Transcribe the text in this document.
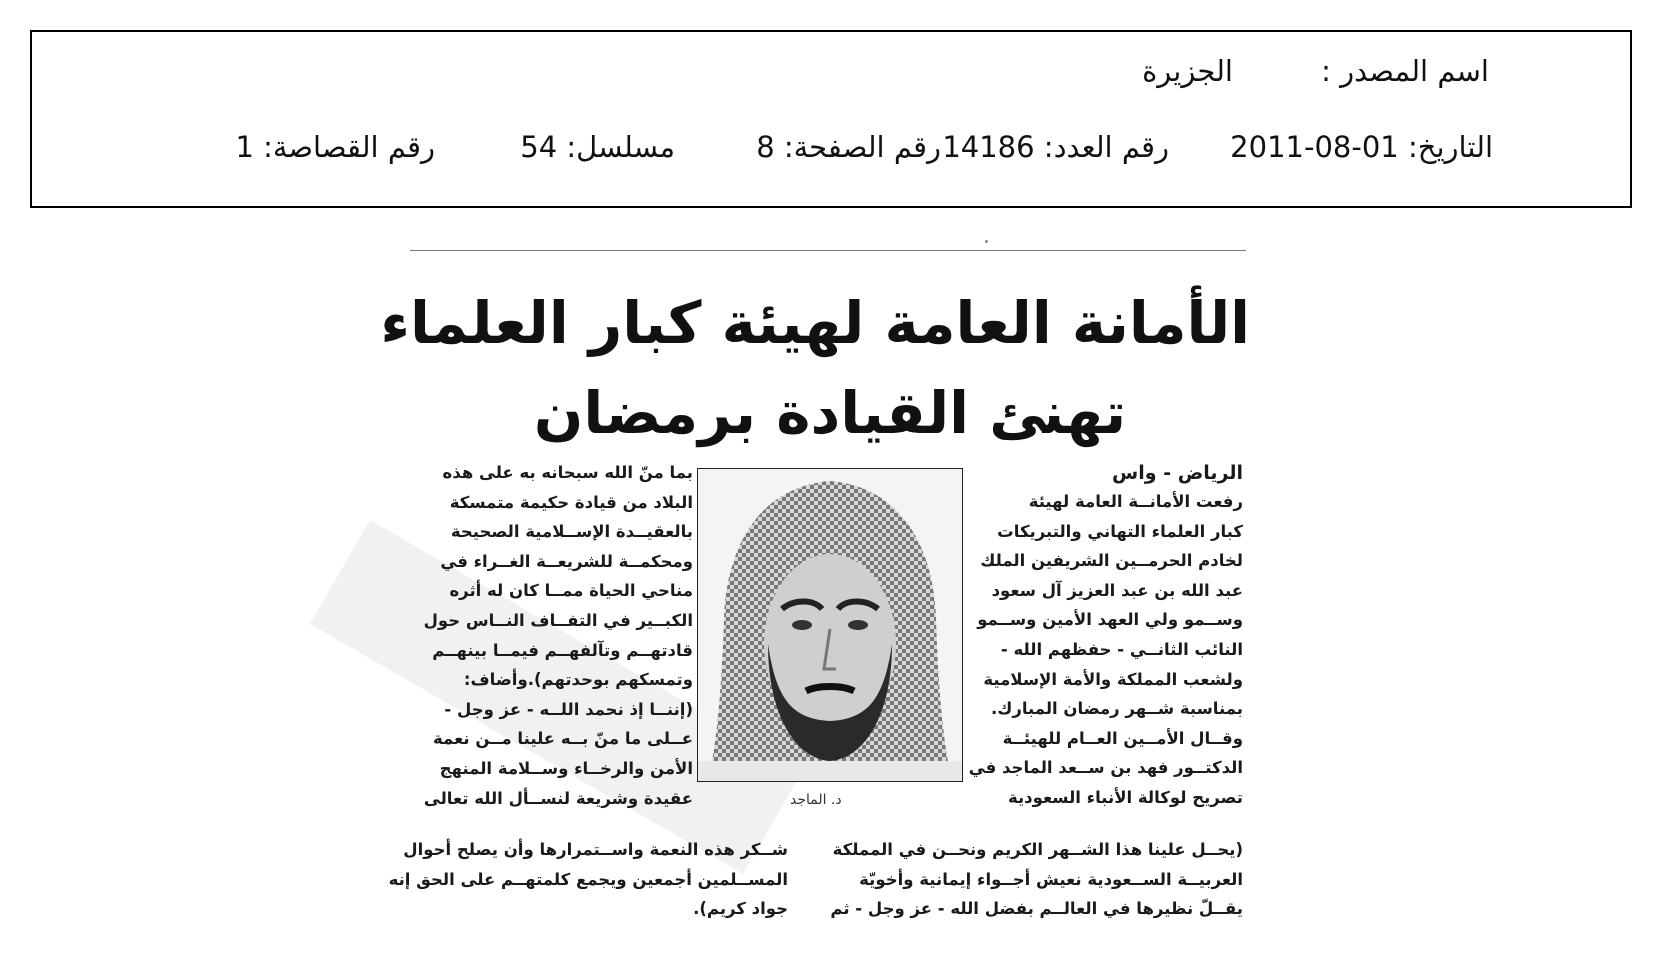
اسم المصدر :
الجزيرة
التاريخ: 01-08-2011
رقم العدد: 14186
رقم الصفحة: 8
مسلسل: 54
رقم القصاصة: 1
الأمانة العامة لهيئة كبار العلماء
تهنئ القيادة برمضان
الرياض - واس
رفعت الأمانــة العامة لهيئة
كبار العلماء التهاني والتبريكات
لخادم الحرمــين الشريفين الملك
عبد الله بن عبد العزيز آل سعود
وســمو ولي العهد الأمين وســمو
النائب الثانــي - حفظهم الله -
ولشعب المملكة والأمة الإسلامية
بمناسبة شــهر رمضان المبارك.
وقــال الأمــين العــام للهيئــة
الدكتــور فهد بن ســعد الماجد في
تصريح لوكالة الأنباء السعودية
بما منّ الله سبحانه به على هذه
البلاد من قيادة حكيمة متمسكة
بالعقيــدة الإســلامية الصحيحة
ومحكمــة للشريعــة الغــراء في
مناحي الحياة ممــا كان له أثره
الكبــير في التفــاف النــاس حول
قادتهــم وتآلفهــم فيمــا بينهــم
وتمسكهم بوحدتهم).وأضاف:
(إننــا إذ نحمد اللــه - عز وجل -
عــلى ما منّ بــه علينا مــن نعمة
الأمن والرخــاء وســلامة المنهج
عقيدة وشريعة لنســأل الله تعالى
(يحــل علينا هذا الشــهر الكريم ونحــن في المملكة
العربيــة الســعودية نعيش أجــواء إيمانية وأخويّة
يقــلّ نظيرها في العالــم بفضل الله - عز وجل - ثم
شــكر هذه النعمة واســتمرارها وأن يصلح أحوال
المســلمين أجمعين ويجمع كلمتهــم على الحق إنه
جواد كريم).
د. الماجد
